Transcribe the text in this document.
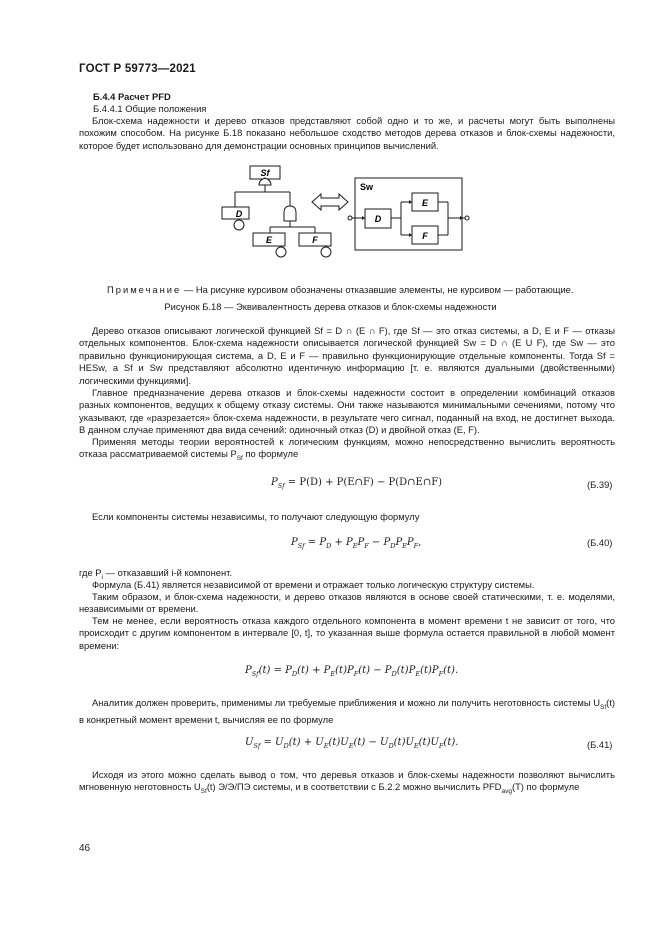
ГОСТ Р 59773—2021
Б.4.4 Расчет PFD
Б.4.4.1 Общие положения
Блок-схема надежности и дерево отказов представляют собой одно и то же, и расчеты могут быть выполнены похожим способом. На рисунке Б.18 показано небольшое сходство методов дерева отказов и блок-схемы надежности, которое будет использовано для демонстрации основных принципов вычислений.
Sf
D
E	F
Sw
D
E
F
Примечание — На рисунке курсивом обозначены отказавшие элементы, не курсивом — работающие.
Рисунок Б.18 — Эквивалентность дерева отказов и блок-схемы надежности
Дерево отказов описывают логической функцией Sf = D ∩ (E ∩ F), где Sf — это отказ системы, а D, E и F — отказы отдельных компонентов. Блок-схема надежности описывается логической функцией Sw = D ∩ (E U F), где Sw — это правильно функционирующая система, а D, E и F — правильно функционирующие отдельные компоненты. Тогда Sf = HESw, а Sf и Sw представляют абсолютно идентичную информацию [т. е. являются дуальными (двойственными) логическими функциями].
Главное предназначение дерева отказов и блок-схемы надежности состоит в определении комбинаций отказов разных компонентов, ведущих к общему отказу системы. Они также называются минимальными сечениями, потому что указывают, где «разрезается» блок-схема надежности, в результате чего сигнал, поданный на вход, не достигнет выхода. В данном случае применяют два вида сечений: одиночный отказ (D) и двойной отказ (E, F).
Применяя методы теории вероятностей к логическим функциям, можно непосредственно вычислить вероятность отказа рассматриваемой системы $P_{Sf}$ по формуле
$P_{Sf} = P(D)$ + P(E∩F) − P(D∩E∩F)	(Б.39)
Если компоненты системы независимы, то получают следующую формулу
$P_{Sf} = P_D + P_EP_F - P_DP_EP_F$,	(Б.40)
где $P_i$ — отказавший i-й компонент.
Формула (Б.41) является независимой от времени и отражает только логическую структуру системы.
Таким образом, и блок-схема надежности, и дерево отказов являются в основе своей статическими, т. е. моделями, независимыми от времени.
Тем не менее, если вероятность отказа каждого отдельного компонента в момент времени t не зависит от того, что происходит с другим компонентом в интервале [0, t], то указанная выше формула остается правильной в любой момент времени:
$P_{Sf}(t) = P_D(t) + P_E(t)P_F(t) - P_D(t)P_E(t)P_F(t)$.
Аналитик должен проверить, применимы ли требуемые приближения и можно ли получить неготовность системы $U_{Sf}(t)$ в конкретный момент времени t, вычисляя ее по формуле
$U_{Sf} = U_D(t) + U_E(t)U_E(t) - U_D(t)U_E(t)U_F(t)$.	(Б.41)
Исходя из этого можно сделать вывод о том, что деревья отказов и блок-схемы надежности позволяют вычислить мгновенную неготовность $U_{Sf}(t)$ Э/Э/ПЭ системы, и в соответствии с Б.2.2 можно вычислить $PFD_{avg}(T)$ по формуле
46
